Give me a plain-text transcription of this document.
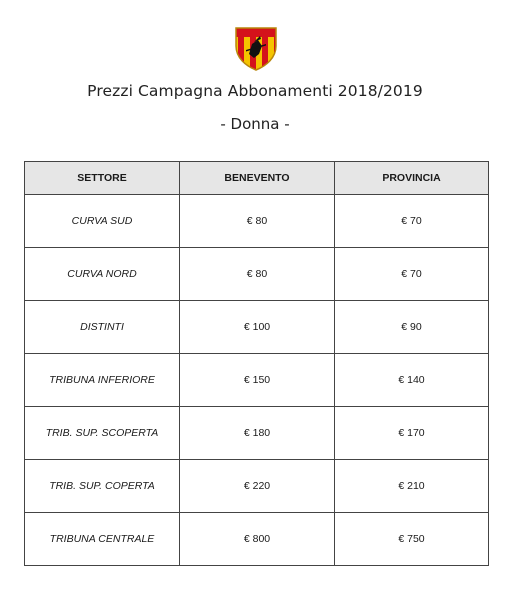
Prezzi Campagna Abbonamenti 2018/2019
- Donna -
SETTORE	BENEVENTO	PROVINCIA
CURVA SUD	€ 80	€ 70
CURVA NORD	€ 80	€ 70
DISTINTI	€ 100	€ 90
TRIBUNA INFERIORE	€ 150	€ 140
TRIB. SUP. SCOPERTA	€ 180	€ 170
TRIB. SUP. COPERTA	€ 220	€ 210
TRIBUNA CENTRALE	€ 800	€ 750
